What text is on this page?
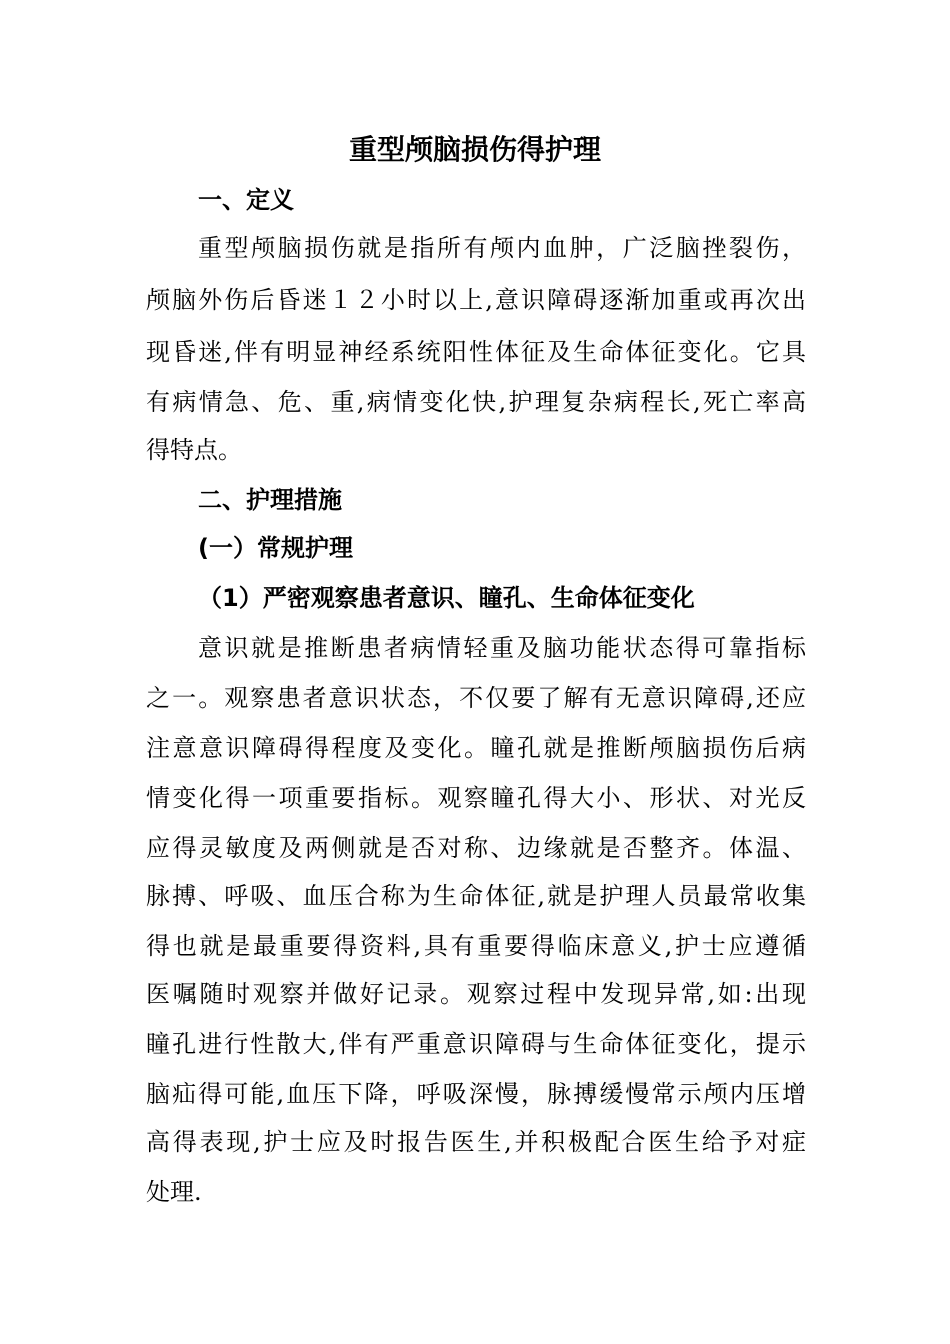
重型颅脑损伤得护理
一、定义
重型颅脑损伤就是指所有颅内血肿，广泛脑挫裂伤，
颅脑外伤后昏迷１２小时以上,意识障碍逐渐加重或再次出
现昏迷,伴有明显神经系统阳性体征及生命体征变化。它具
有病情急、危、重,病情变化快,护理复杂病程长,死亡率高
得特点。
二、护理措施
(一）常规护理
（1）严密观察患者意识、瞳孔、生命体征变化
意识就是推断患者病情轻重及脑功能状态得可靠指标
之一。观察患者意识状态，不仅要了解有无意识障碍,还应
注意意识障碍得程度及变化。瞳孔就是推断颅脑损伤后病
情变化得一项重要指标。观察瞳孔得大小、形状、对光反
应得灵敏度及两侧就是否对称、边缘就是否整齐。体温、
脉搏、呼吸、血压合称为生命体征,就是护理人员最常收集
得也就是最重要得资料,具有重要得临床意义,护士应遵循
医嘱随时观察并做好记录。观察过程中发现异常,如:出现
瞳孔进行性散大,伴有严重意识障碍与生命体征变化，提示
脑疝得可能,血压下降，呼吸深慢，脉搏缓慢常示颅内压增
高得表现,护士应及时报告医生,并积极配合医生给予对症
处理.
